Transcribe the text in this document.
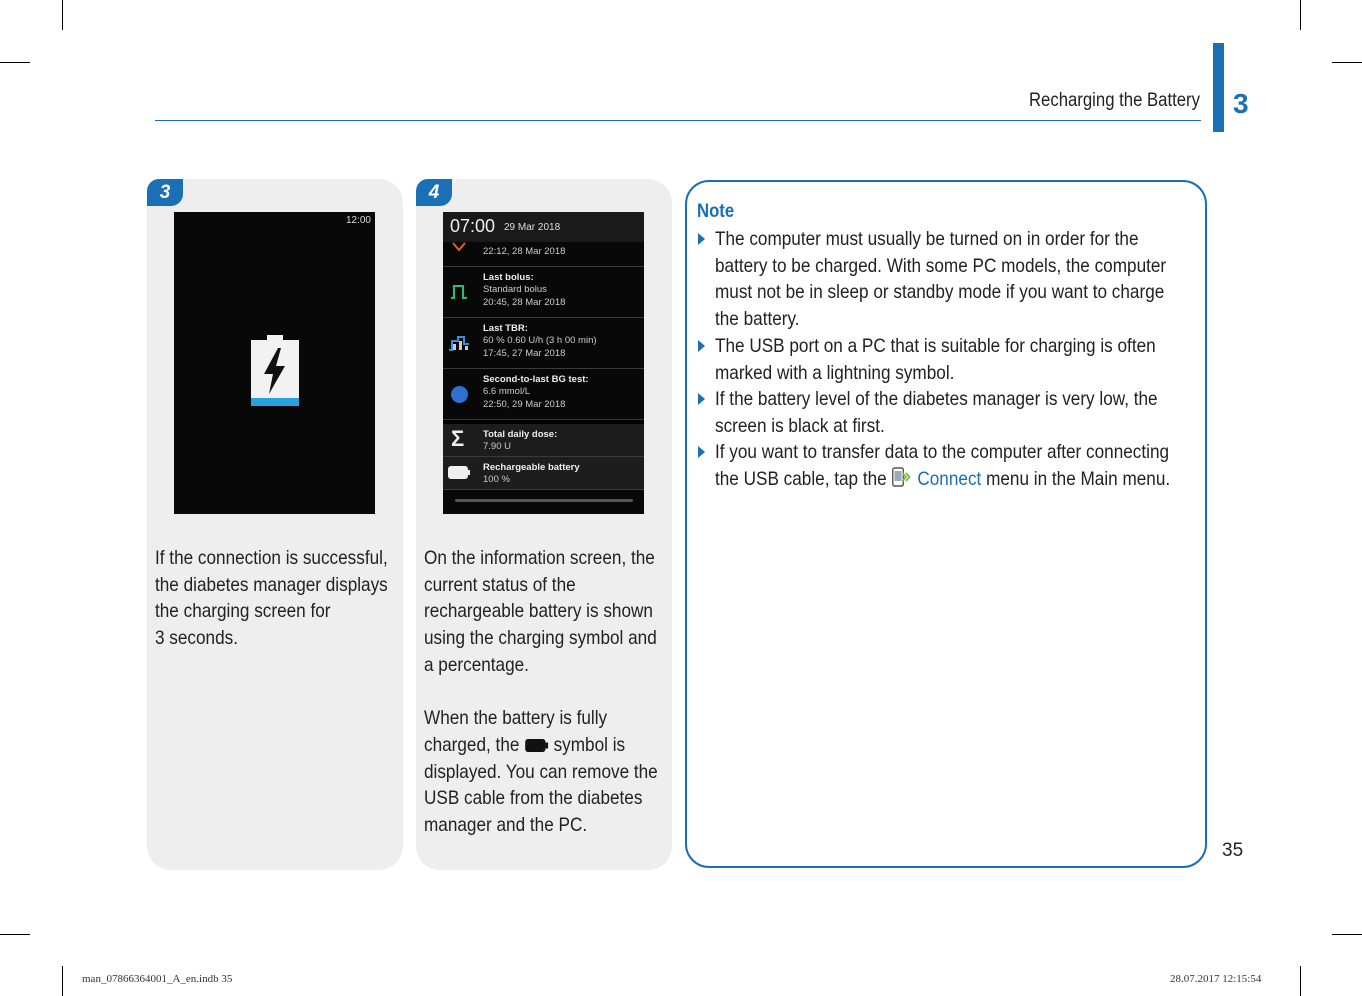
Recharging the Battery 3
3
12:00
If the connection is successful,
the diabetes manager displays
the charging screen for
3 seconds.
4
07:00 29 Mar 2018
22:12, 28 Mar 2018
Last bolus:
Standard bolus
20:45, 28 Mar 2018
Last TBR:
60 % 0.60 U/h (3 h 00 min)
17:45, 27 Mar 2018
Second-to-last BG test:
6.6 mmol/L
22:50, 29 Mar 2018
Σ Total daily dose:
7.90 U
Rechargeable battery
100 %
On the information screen, the
current status of the
rechargeable battery is shown
using the charging symbol and
a percentage.
When the battery is fully
charged, the symbol is
displayed. You can remove the
USB cable from the diabetes
manager and the PC.
Note
The computer must usually be turned on in order for the
battery to be charged. With some PC models, the computer
must not be in sleep or standby mode if you want to charge
the battery.
The USB port on a PC that is suitable for charging is often
marked with a lightning symbol.
If the battery level of the diabetes manager is very low, the
screen is black at first.
If you want to transfer data to the computer after connecting
the USB cable, tap the Connect menu in the Main menu.
35
man_07866364001_A_en.indb 35	28.07.2017 12:15:54
